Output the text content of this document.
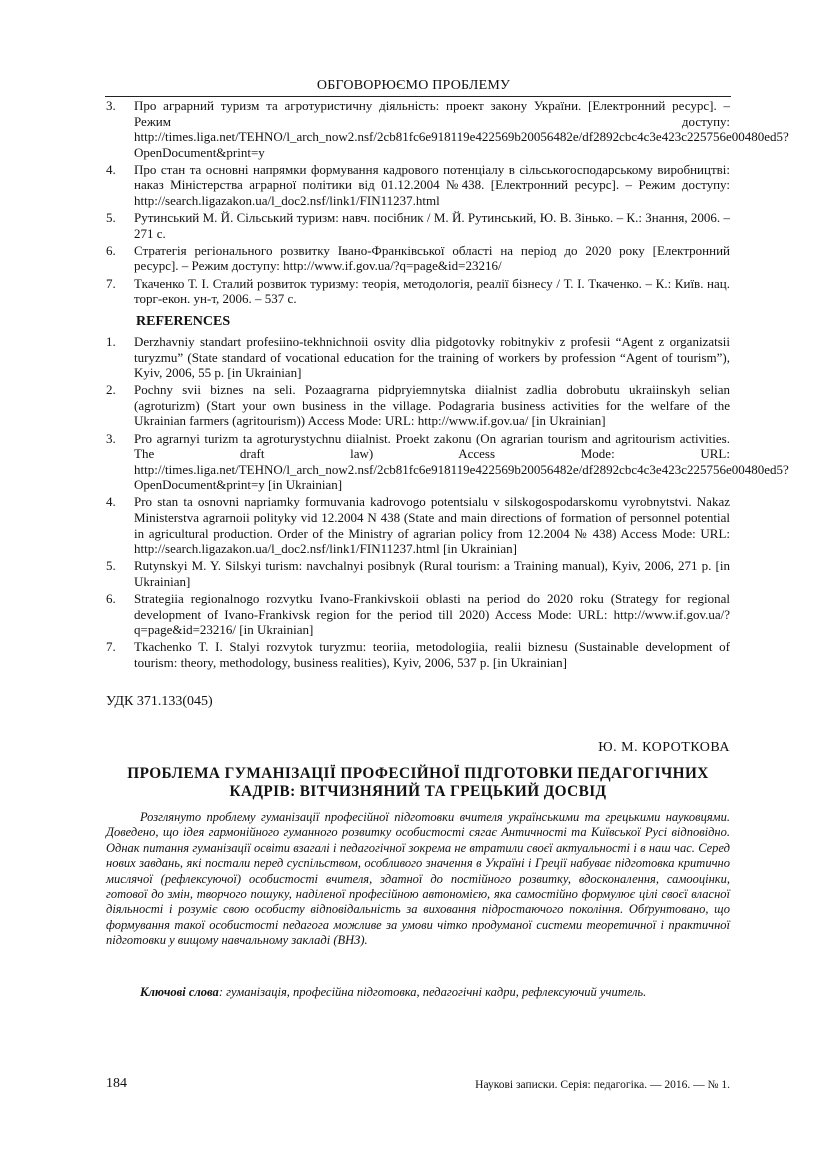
ОБГОВОРЮЄМО ПРОБЛЕМУ
3. Про аграрний туризм та агротуристичну діяльність: проект закону України. [Електронний ресурс]. – Режим доступу: http://times.liga.net/TEHNO/l_arch_now2.nsf/2cb81fc6e918119e422569b20056482e/df2892cbc4c3e423c225756e00480ed5?OpenDocument&print=y
4. Про стан та основні напрямки формування кадрового потенціалу в сільськогосподарському виробництві: наказ Міністерства аграрної політики від 01.12.2004 №438. [Електронний ресурс]. – Режим доступу: http://search.ligazakon.ua/l_doc2.nsf/link1/FIN11237.html
5. Рутинський М. Й. Сільський туризм: навч. посібник / М. Й. Рутинський, Ю. В. Зінько. – К.: Знання, 2006. – 271 с.
6. Стратегія регіонального розвитку Івано-Франківської області на період до 2020 року [Електронний ресурс]. – Режим доступу: http://www.if.gov.ua/?q=page&id=23216/
7. Ткаченко Т. І. Сталий розвиток туризму: теорія, методологія, реалії бізнесу / Т. І. Ткаченко. – К.: Київ. нац. торг-екон. ун-т, 2006. – 537 с.
REFERENCES
1. Derzhavniy standart profesiino-tekhnichnoii osvity dlia pidgotovky robitnykiv z profesii “Agent z organizatsii turyzmu” (State standard of vocational education for the training of workers by profession “Agent of tourism”), Kyiv, 2006, 55 p. [in Ukrainian]
2. Pochny svii biznes na seli. Pozaagrarna pidpryiemnytska diialnist zadlia dobrobutu ukraiinskyh selian (agroturizm) (Start your own business in the village. Podagraria business activities for the welfare of the Ukrainian farmers (agritourism)) Access Mode: URL: http://www.if.gov.ua/ [in Ukrainian]
3. Pro agrarnyi turizm ta agroturystychnu diialnist. Proekt zakonu (On agrarian tourism and agritourism activities. The draft law) Access Mode: URL: http://times.liga.net/TEHNO/l_arch_now2.nsf/2cb81fc6e918119e422569b20056482e/df2892cbc4c3e423c225756e00480ed5?OpenDocument&print=y [in Ukrainian]
4. Pro stan ta osnovni napriamky formuvania kadrovogo potentsialu v silskogospodarskomu vyrobnytstvi. Nakaz Ministerstva agrarnoii polityky vid 12.2004 N 438 (State and main directions of formation of personnel potential in agricultural production. Order of the Ministry of agrarian policy from 12.2004 № 438) Access Mode: URL: http://search.ligazakon.ua/l_doc2.nsf/link1/FIN11237.html [in Ukrainian]
5. Rutynskyi M. Y. Silskyi turism: navchalnyi posibnyk (Rural tourism: a Training manual), Kyiv, 2006, 271 p. [in Ukrainian]
6. Strategiia regionalnogo rozvytku Ivano-Frankivskoii oblasti na period do 2020 roku (Strategy for regional development of Ivano-Frankivsk region for the period till 2020) Access Mode: URL: http://www.if.gov.ua/?q=page&id=23216/ [in Ukrainian]
7. Tkachenko T. I. Stalyi rozvytok turyzmu: teoriia, metodologiia, realii biznesu (Sustainable development of tourism: theory, methodology, business realities), Kyiv, 2006, 537 p. [in Ukrainian]
УДК 371.133(045)
Ю. М. КОРОТКОВА
ПРОБЛЕМА ГУМАНІЗАЦІЇ ПРОФЕСІЙНОЇ ПІДГОТОВКИ ПЕДАГОГІЧНИХ КАДРІВ: ВІТЧИЗНЯНИЙ ТА ГРЕЦЬКИЙ ДОСВІД

Розглянуто проблему гуманізації професійної підготовки вчителя українськими та грецькими науковцями. Доведено, що ідея гармонійного гуманного розвитку особистості сягає Античності та Київської Русі відповідно. Однак питання гуманізації освіти взагалі і педагогічної зокрема не втратили своєї актуальності і в наш час. Серед нових завдань, які постали перед суспільством, особливого значення в Україні і Греції набуває підготовка критично мислячої (рефлексуючої) особистості вчителя, здатної до постійного розвитку, вдосконалення, самооцінки, готової до змін, творчого пошуку, наділеної професійною автономією, яка самостійно формулює цілі своєї власної діяльності і розуміє свою особисту відповідальність за виховання підростаючого покоління. Обґрунтовано, що формування такої особистості педагога можливе за умови чітко продуманої системи теоретичної і практичної підготовки у вищому навчальному закладі (ВНЗ).

Ключові слова: гуманізація, професійна підготовка, педагогічні кадри, рефлексуючий учитель.

184	Наукові записки. Серія: педагогіка. — 2016. — № 1.
